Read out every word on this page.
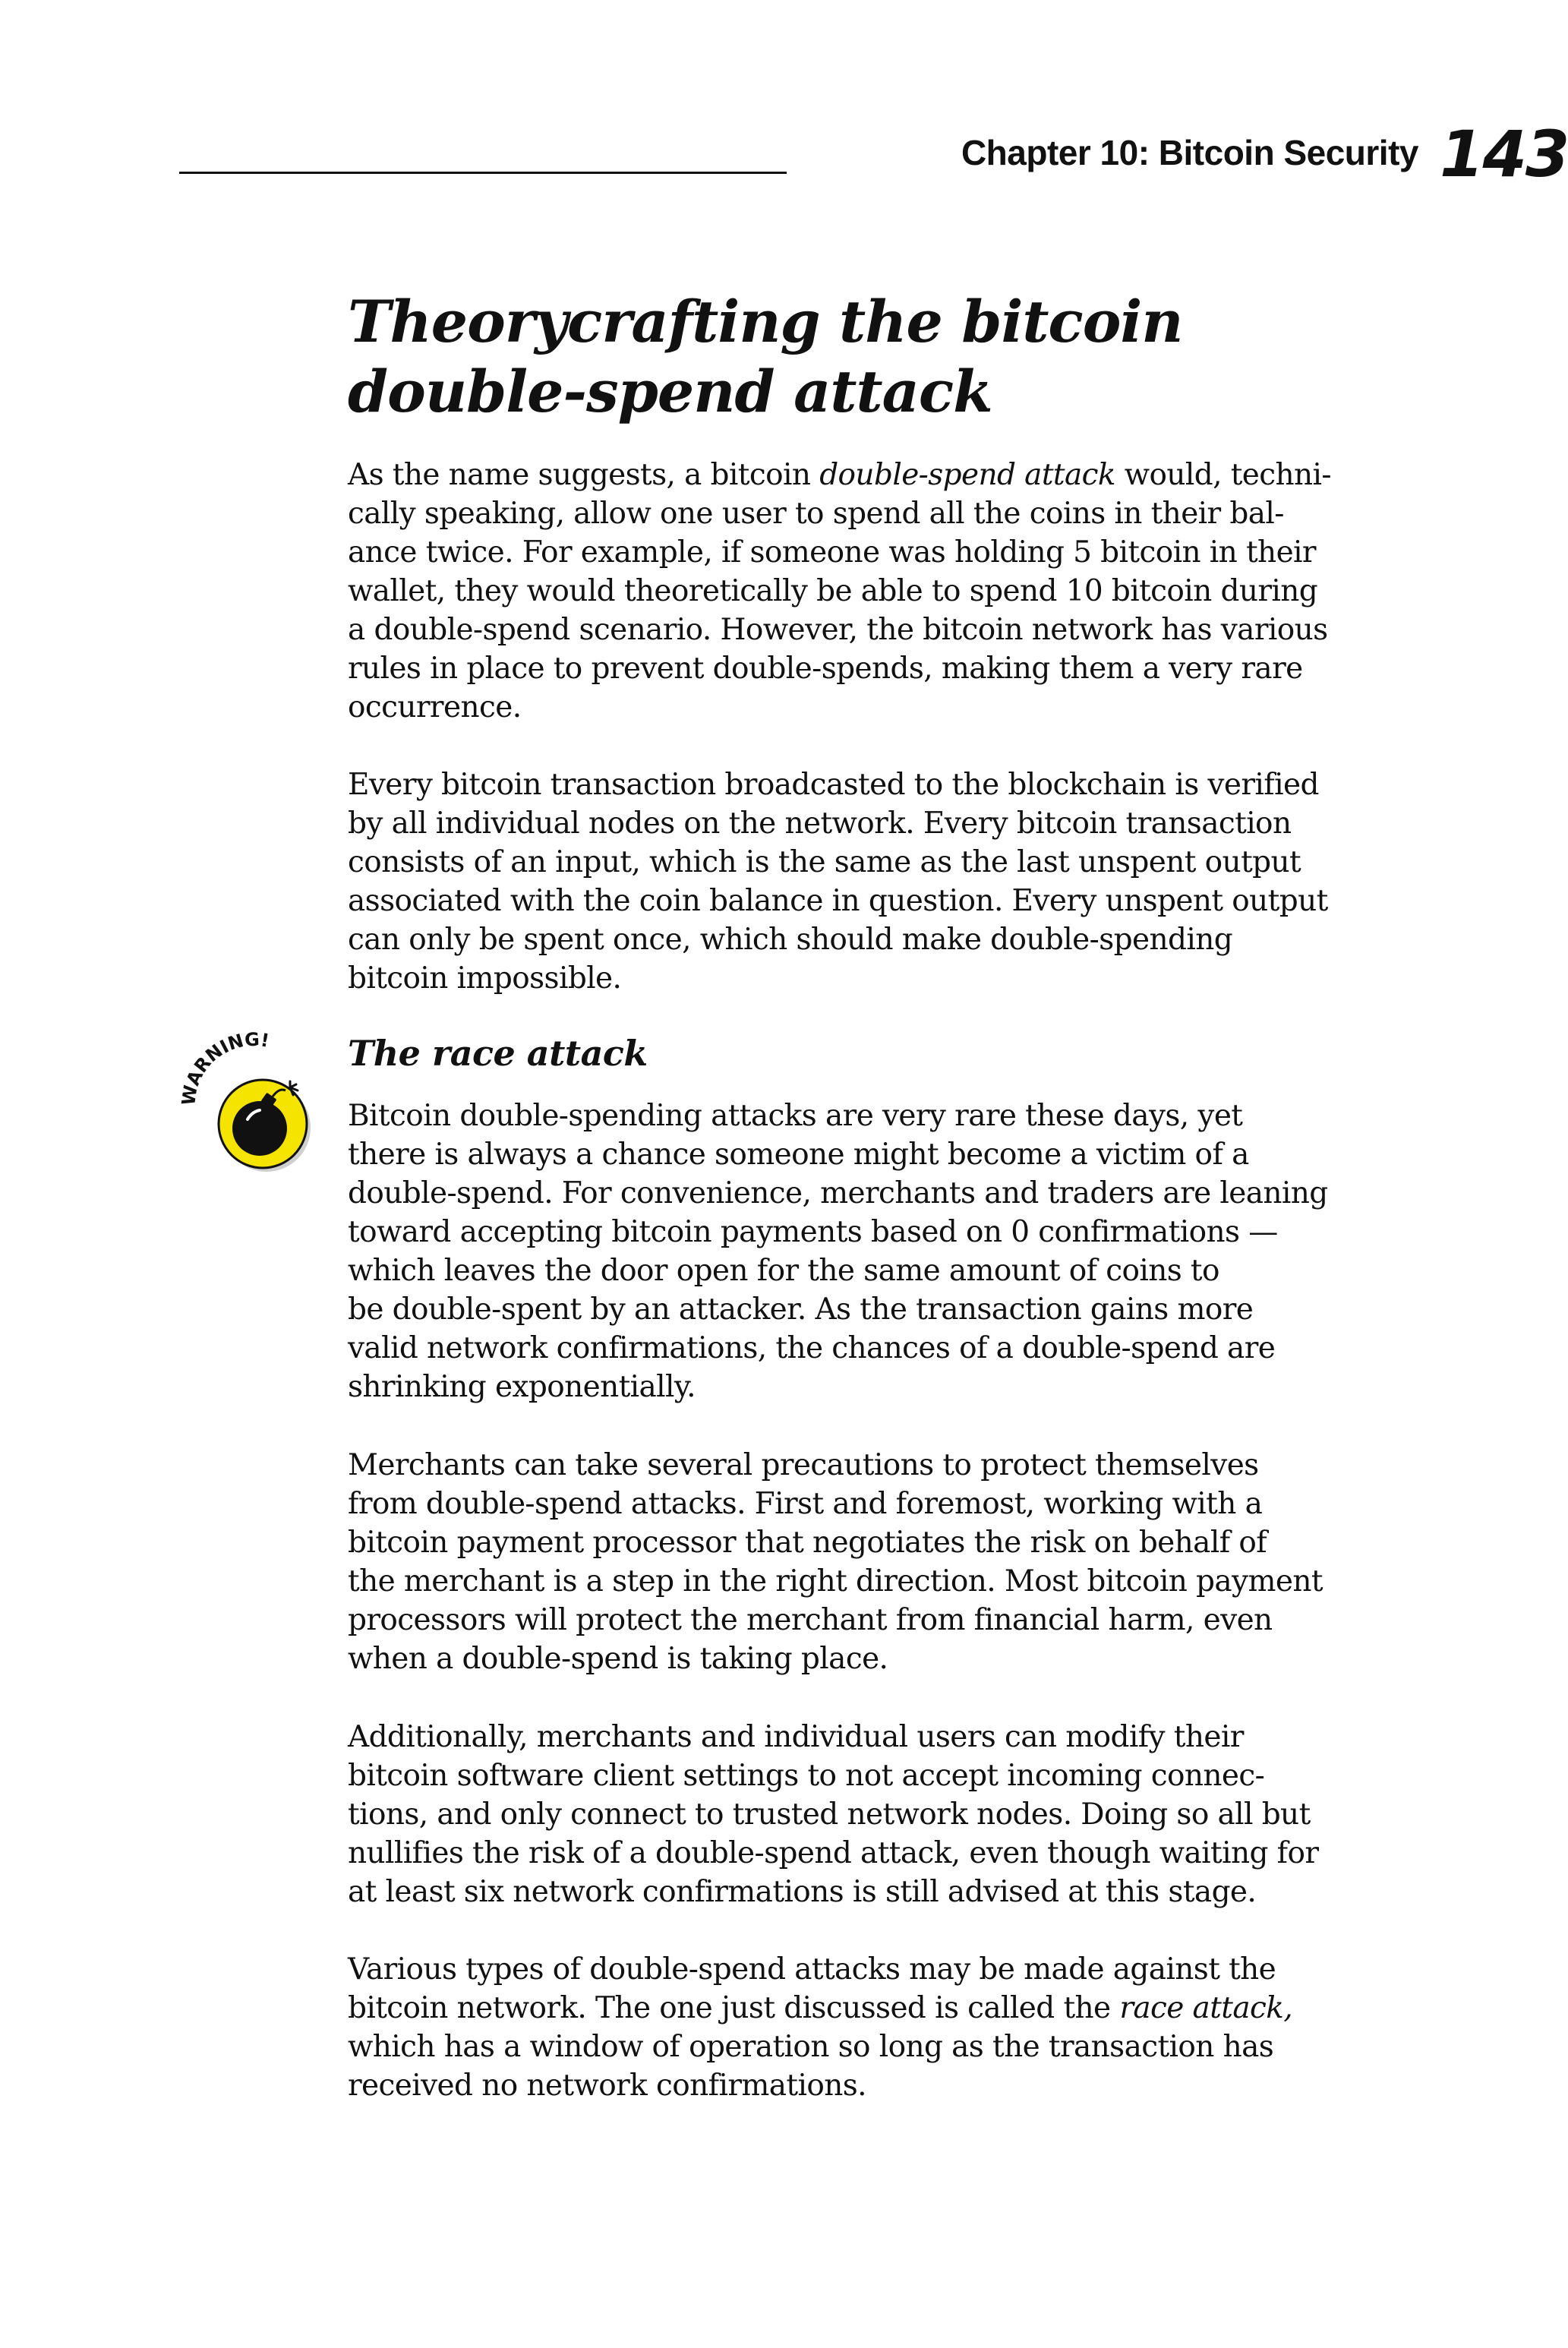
Chapter 10: Bitcoin Security 143
Theorycrafting the bitcoin
double-spend attack

As the name suggests, a bitcoin double-spend attack would, techni-
cally speaking, allow one user to spend all the coins in their bal-
ance twice. For example, if someone was holding 5 bitcoin in their
wallet, they would theoretically be able to spend 10 bitcoin during
a double-spend scenario. However, the bitcoin network has various
rules in place to prevent double-spends, making them a very rare
occurrence.

Every bitcoin transaction broadcasted to the blockchain is verified
by all individual nodes on the network. Every bitcoin transaction
consists of an input, which is the same as the last unspent output
associated with the coin balance in question. Every unspent output
can only be spent once, which should make double-spending
bitcoin impossible.

WARNING! The race attack

Bitcoin double-spending attacks are very rare these days, yet
there is always a chance someone might become a victim of a
double-spend. For convenience, merchants and traders are leaning
toward accepting bitcoin payments based on 0 confirmations —
which leaves the door open for the same amount of coins to
be double-spent by an attacker. As the transaction gains more
valid network confirmations, the chances of a double-spend are
shrinking exponentially.

Merchants can take several precautions to protect themselves
from double-spend attacks. First and foremost, working with a
bitcoin payment processor that negotiates the risk on behalf of
the merchant is a step in the right direction. Most bitcoin payment
processors will protect the merchant from financial harm, even
when a double-spend is taking place.

Additionally, merchants and individual users can modify their
bitcoin software client settings to not accept incoming connec-
tions, and only connect to trusted network nodes. Doing so all but
nullifies the risk of a double-spend attack, even though waiting for
at least six network confirmations is still advised at this stage.

Various types of double-spend attacks may be made against the
bitcoin network. The one just discussed is called the race attack,
which has a window of operation so long as the transaction has
received no network confirmations.
